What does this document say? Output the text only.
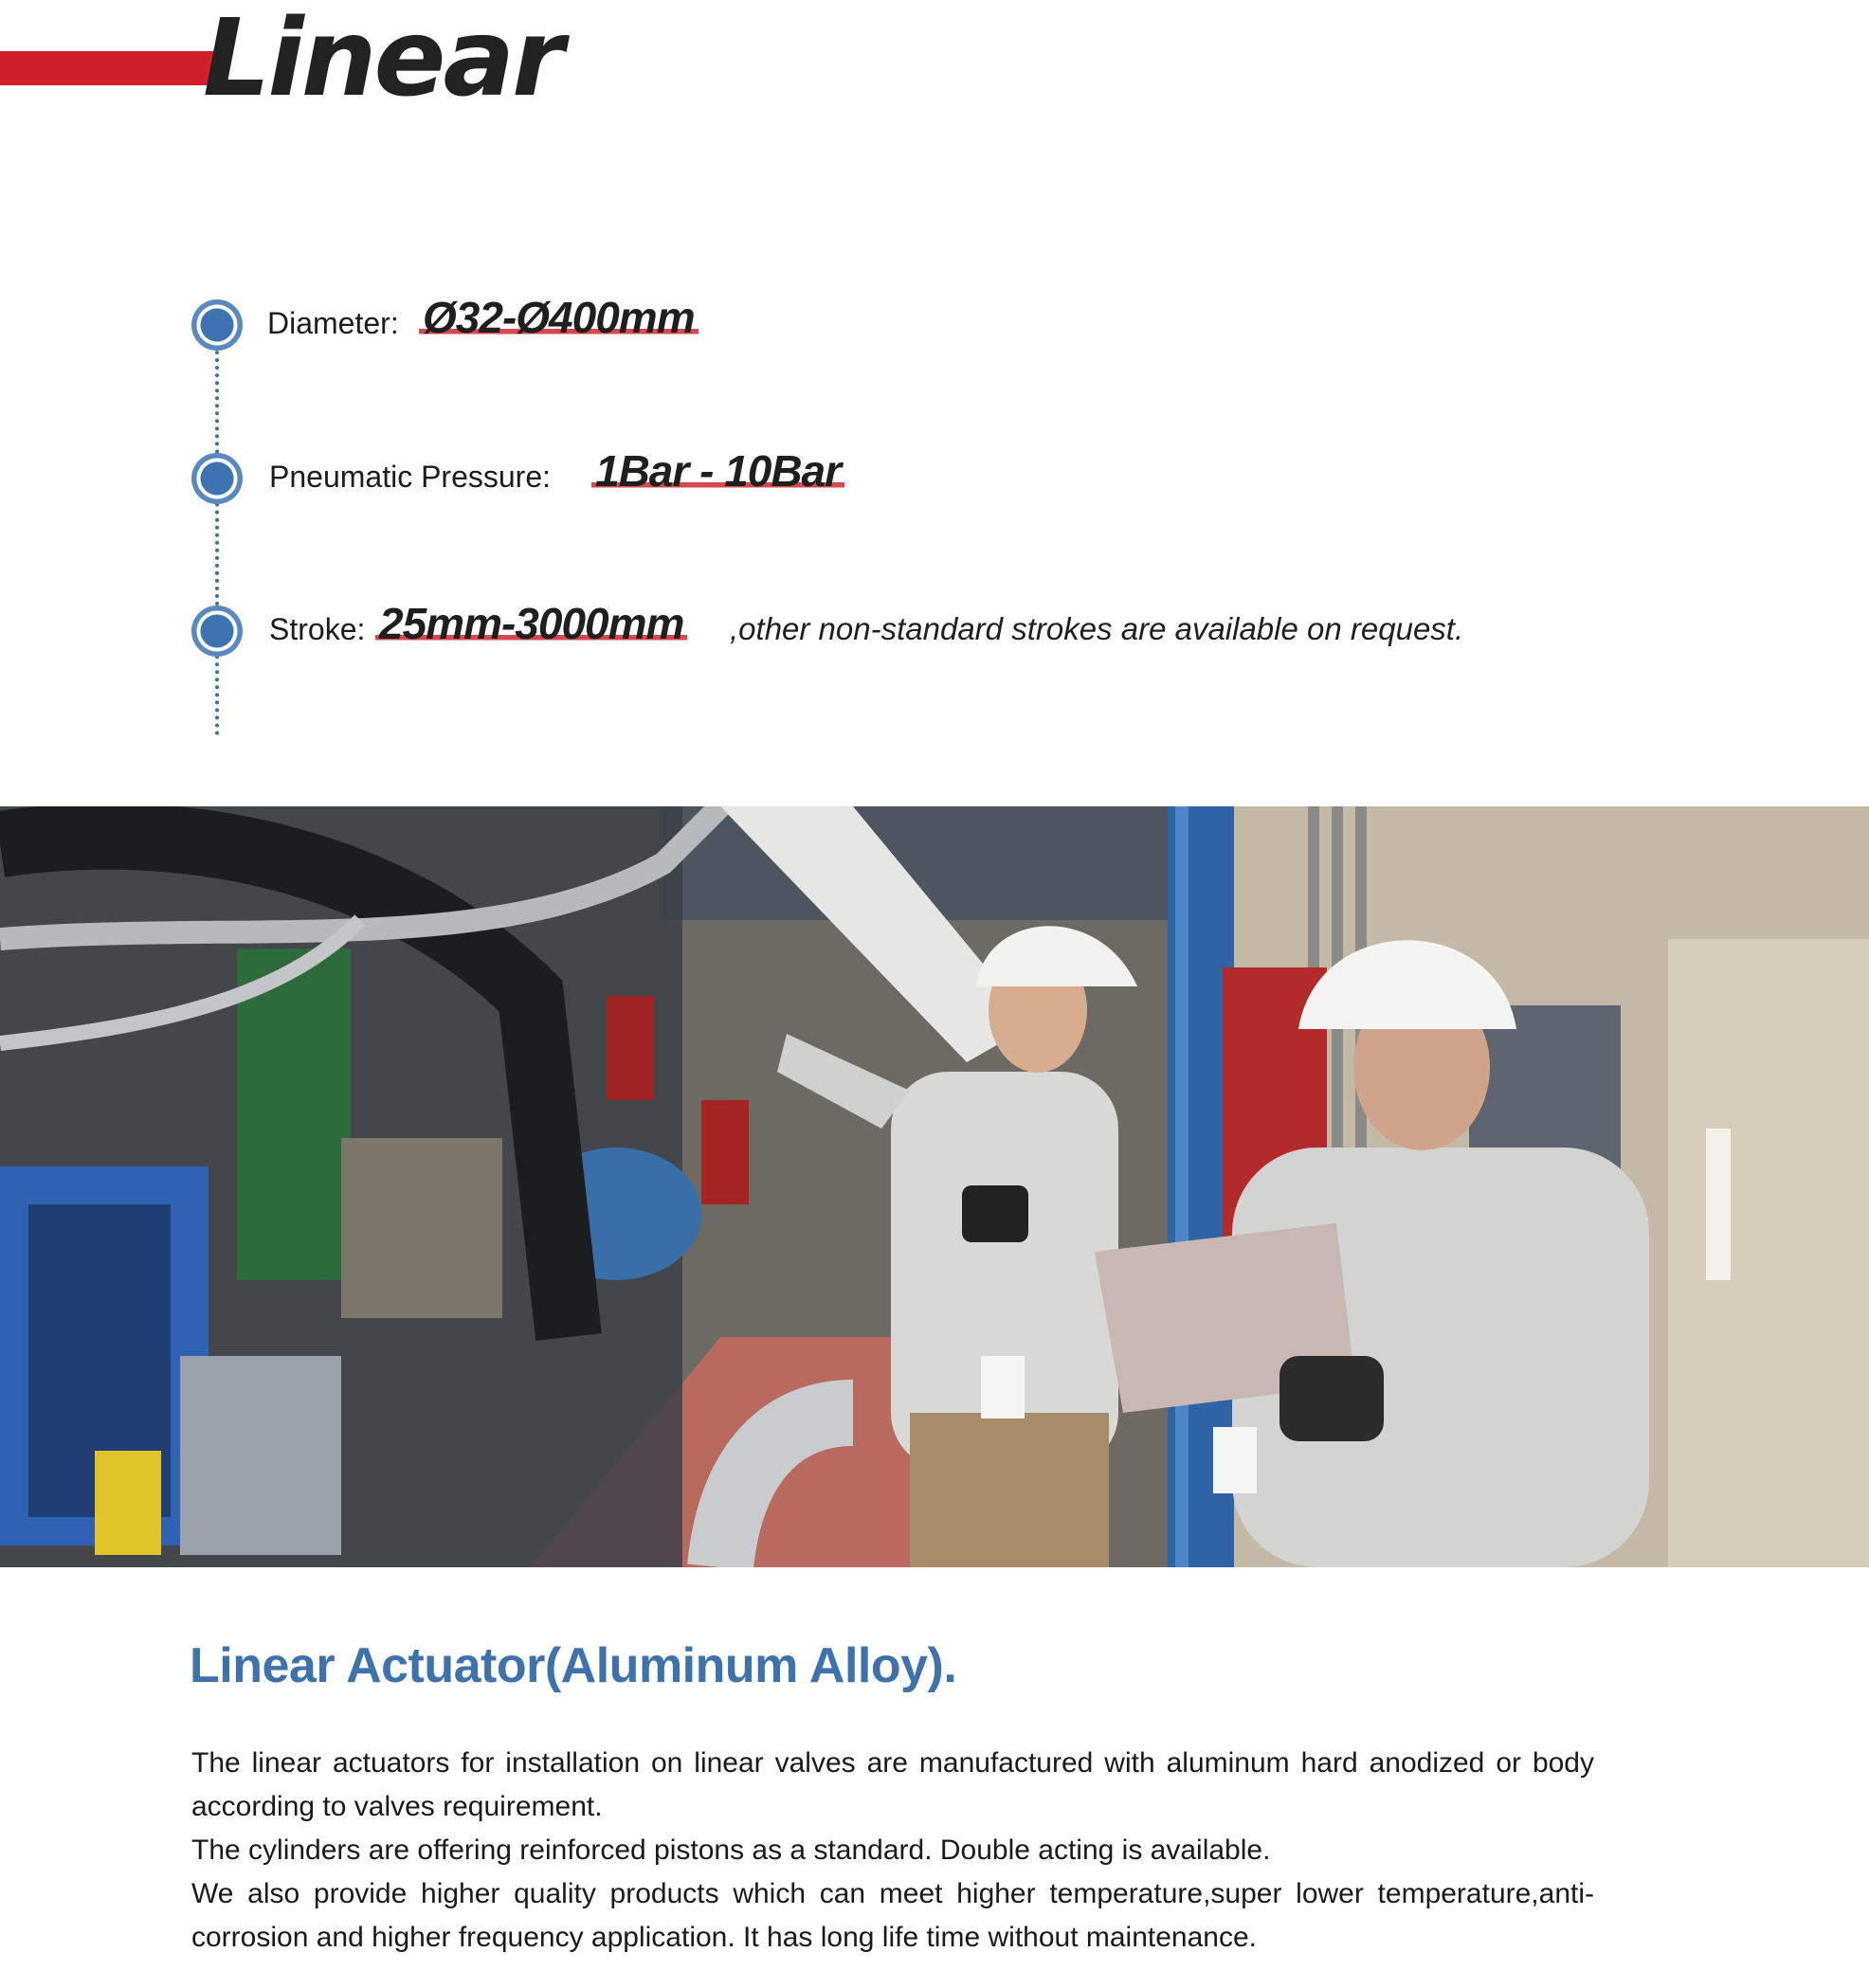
Linear
Diameter: Ø32-Ø400mm
Pneumatic Pressure: 1Bar - 10Bar
Stroke: 25mm-3000mm ,other non-standard strokes are available on request.
Linear Actuator(Aluminum Alloy).

The linear actuators for installation on linear valves are manufactured with aluminum hard anodized or body according to valves requirement.

The cylinders are offering reinforced pistons as a standard. Double acting is available.

We also provide higher quality products which can meet higher temperature,super lower temperature,anti-corrosion and higher frequency application. It has long life time without maintenance.
